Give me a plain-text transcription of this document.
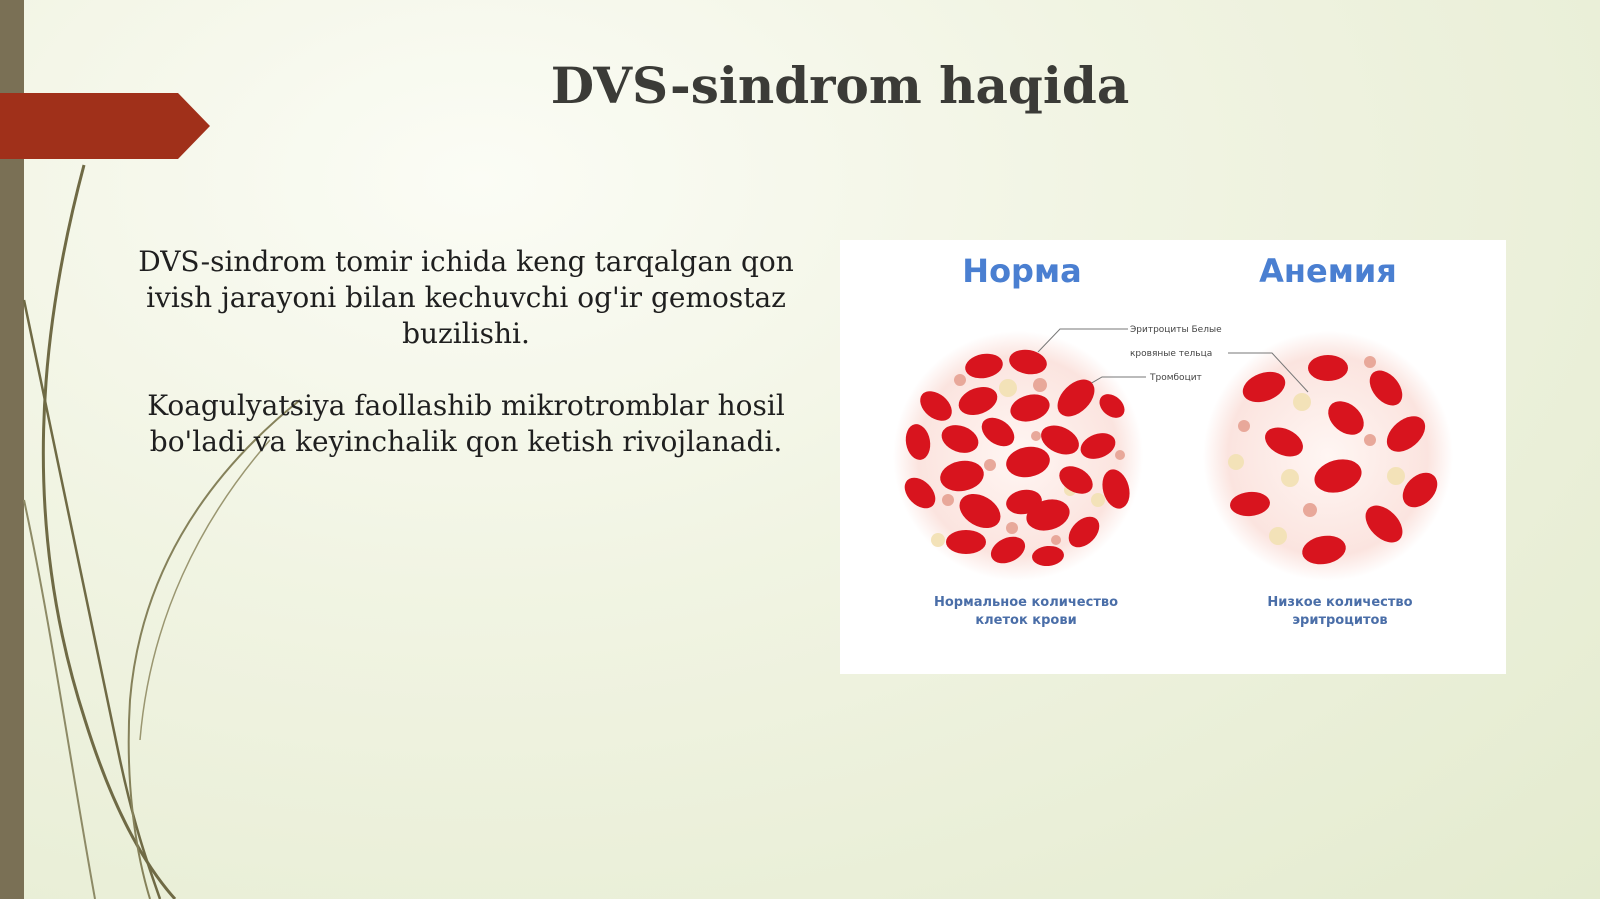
DVS-sindrom haqida

DVS-sindrom tomir ichida keng tarqalgan qon ivish jarayoni bilan kechuvchi og'ir gemostaz buzilishi.

Koagulyatsiya faollashib mikrotromblar hosil bo'ladi va keyinchalik qon ketish rivojlanadi.

Норма	Анемия
Эритроциты Белые
кровяные тельца
Тромбоцит
Нормальное количество
клеток крови
Низкое количество
эритроцитов
